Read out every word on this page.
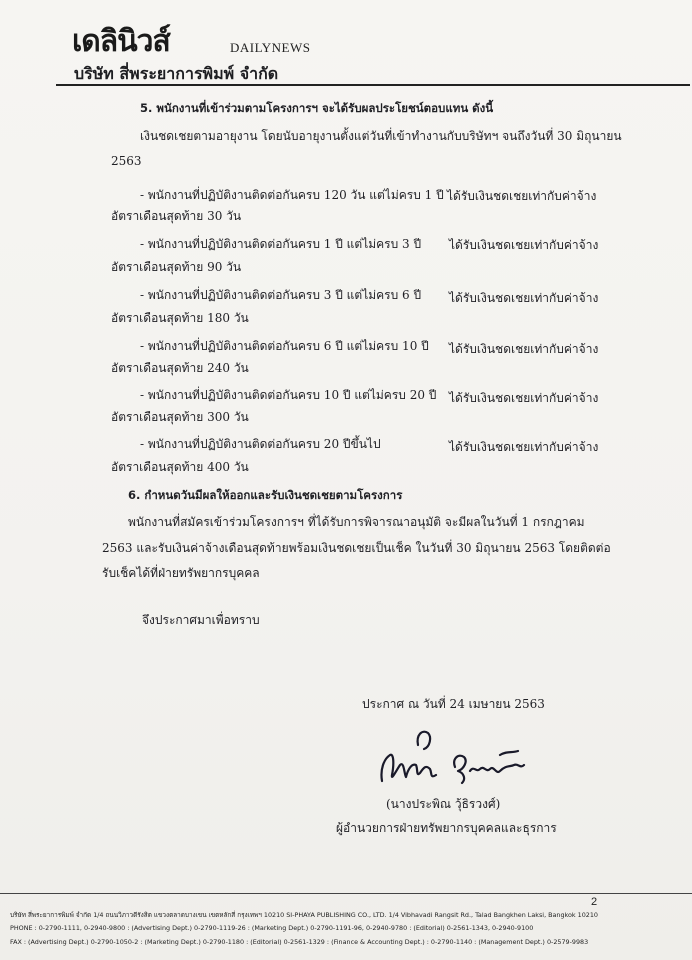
เดลินิวส์	DAILYNEWS
บริษัท สี่พระยาการพิมพ์ จำกัด
5. พนักงานที่เข้าร่วมตามโครงการฯ จะได้รับผลประโยชน์ตอบแทน ดังนี้
เงินชดเชยตามอายุงาน โดยนับอายุงานตั้งแต่วันที่เข้าทำงานกับบริษัทฯ จนถึงวันที่ 30 มิถุนายน
2563
- พนักงานที่ปฏิบัติงานติดต่อกันครบ 120 วัน แต่ไม่ครบ 1 ปี ได้รับเงินชดเชยเท่ากับค่าจ้าง
อัตราเดือนสุดท้าย 30 วัน
- พนักงานที่ปฏิบัติงานติดต่อกันครบ 1 ปี แต่ไม่ครบ 3 ปี ได้รับเงินชดเชยเท่ากับค่าจ้าง
อัตราเดือนสุดท้าย 90 วัน
- พนักงานที่ปฏิบัติงานติดต่อกันครบ 3 ปี แต่ไม่ครบ 6 ปี ได้รับเงินชดเชยเท่ากับค่าจ้าง
อัตราเดือนสุดท้าย 180 วัน
- พนักงานที่ปฏิบัติงานติดต่อกันครบ 6 ปี แต่ไม่ครบ 10 ปี ได้รับเงินชดเชยเท่ากับค่าจ้าง
อัตราเดือนสุดท้าย 240 วัน
- พนักงานที่ปฏิบัติงานติดต่อกันครบ 10 ปี แต่ไม่ครบ 20 ปี ได้รับเงินชดเชยเท่ากับค่าจ้าง
อัตราเดือนสุดท้าย 300 วัน
- พนักงานที่ปฏิบัติงานติดต่อกันครบ 20 ปีขึ้นไป	ได้รับเงินชดเชยเท่ากับค่าจ้าง
อัตราเดือนสุดท้าย 400 วัน
6. กำหนดวันมีผลให้ออกและรับเงินชดเชยตามโครงการ
พนักงานที่สมัครเข้าร่วมโครงการฯ ที่ได้รับการพิจารณาอนุมัติ จะมีผลในวันที่ 1 กรกฎาคม
2563 และรับเงินค่าจ้างเดือนสุดท้ายพร้อมเงินชดเชยเป็นเช็ค ในวันที่ 30 มิถุนายน 2563 โดยติดต่อ
รับเช็คได้ที่ฝ่ายทรัพยากรบุคคล
จึงประกาศมาเพื่อทราบ
ประกาศ ณ วันที่ 24 เมษายน 2563
(นางประพิณ วุ้ธิรวงศ์)
ผู้อำนวยการฝ่ายทรัพยากรบุคคลและธุรการ
2
บริษัท สี่พระยาการพิมพ์ จำกัด 1/4 ถนนวิภาวดีรังสิต แขวงตลาดบางเขน เขตหลักสี่ กรุงเทพฯ 10210 SI-PHAYA PUBLISHING CO., LTD. 1/4 Vibhavadi Rangsit Rd., Talad Bangkhen Laksi, Bangkok 10210
PHONE : 0-2790-1111, 0-2940-9800 : (Advertising Dept.) 0-2790-1119-26 : (Marketing Dept.) 0-2790-1191-96, 0-2940-9780 : (Editorial) 0-2561-1343, 0-2940-9100
FAX : (Advertising Dept.) 0-2790-1050-2 : (Marketing Dept.) 0-2790-1180 : (Editorial) 0-2561-1329 : (Finance & Accounting Dept.) : 0-2790-1140 : (Management Dept.) 0-2579-9983
